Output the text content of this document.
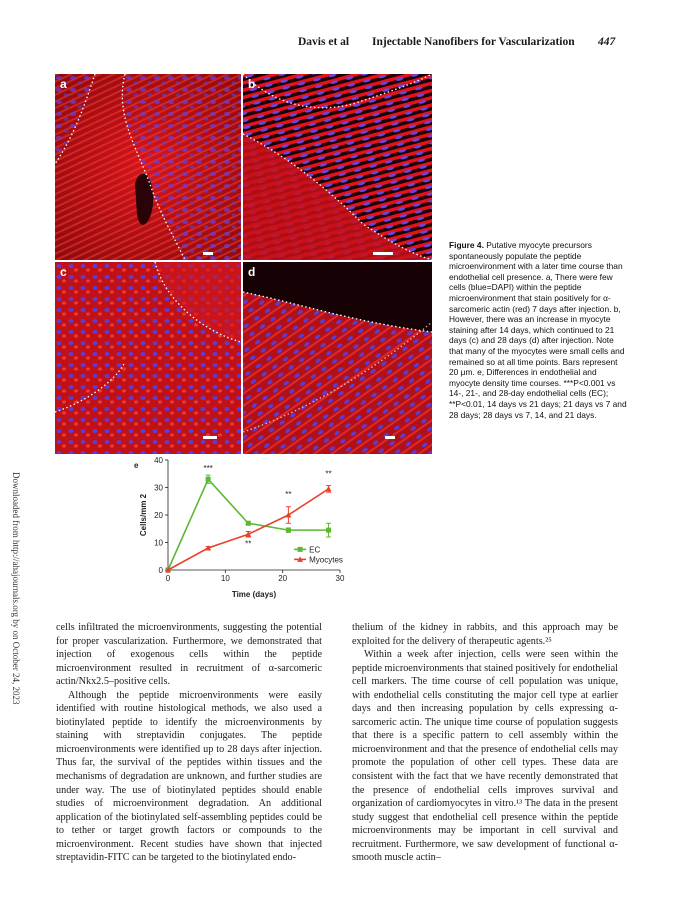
Davis et al Injectable Nanofibers for Vascularization 447
a	b
c	d
Figure 4. Putative myocyte precursors spontaneously populate the peptide microenvironment with a later time course than endothelial cell presence. a, There were few cells (blue=DAPI) within the peptide microenvironment that stain positively for α-sarcomeric actin (red) 7 days after injection. b, However, there was an increase in myocyte staining after 14 days, which continued to 21 days (c) and 28 days (d) after injection. Note that many of the myocytes were small cells and remained so at all time points. Bars represent 20 μm. e, Differences in endothelial and myocyte density time courses. ***P<0.001 vs 14-, 21-, and 28-day endothelial cells (EC); **P<0.01, 14 days vs 21 days; 21 days vs 7 and 28 days; 28 days vs 7, 14, and 21 days.
Downloaded from http://ahajournals.org by on October 24, 2023	0
10
20
30
40
0	10	20	30
Time (days)
Cells/mm 2
e	***
**
**
**
EC
Myocytes

cells infiltrated the microenvironments, suggesting the potential for proper vascularization. Furthermore, we demonstrated that injection of exogenous cells within the peptide microenvironment resulted in recruitment of α-sarcomeric actin/Nkx2.5–positive cells.

Although the peptide microenvironments were easily identified with routine histological methods, we also used a biotinylated peptide to identify the microenvironments by staining with streptavidin conjugates. The peptide microenvironments were identified up to 28 days after injection. Thus far, the survival of the peptides within tissues and the mechanisms of degradation are unknown, and further studies are under way. The use of biotinylated peptides should enable studies of microenvironment degradation. An additional application of the biotinylated self-assembling peptides could be to tether or target growth factors or compounds to the microenvironment. Recent studies have shown that injected streptavidin-FITC can be targeted to the biotinylated endo-

thelium of the kidney in rabbits, and this approach may be exploited for the delivery of therapeutic agents.²⁵

Within a week after injection, cells were seen within the peptide microenvironments that stained positively for endothelial cell markers. The time course of cell population was unique, with endothelial cells constituting the major cell type at earlier days and then increasing population by cells expressing α-sarcomeric actin. The unique time course of population suggests that there is a specific pattern to cell assembly within the microenvironment and that the presence of endothelial cells may promote the population of other cell types. These data are consistent with the fact that we have recently demonstrated that the presence of endothelial cells improves survival and organization of cardiomyocytes in vitro.¹³ The data in the present study suggest that endothelial cell presence within the peptide microenvironments may be important in cell survival and recruitment. Furthermore, we saw development of functional α-smooth muscle actin–
